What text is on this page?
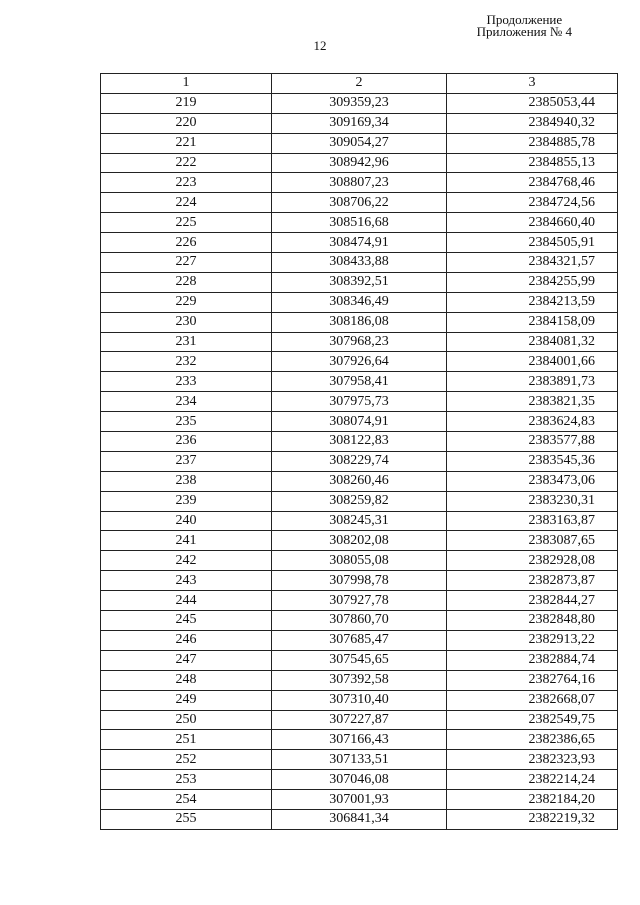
Продолжение
Приложения № 4
12
1	2	3
219	309359,23	2385053,44
220	309169,34	2384940,32
221	309054,27	2384885,78
222	308942,96	2384855,13
223	308807,23	2384768,46
224	308706,22	2384724,56
225	308516,68	2384660,40
226	308474,91	2384505,91
227	308433,88	2384321,57
228	308392,51	2384255,99
229	308346,49	2384213,59
230	308186,08	2384158,09
231	307968,23	2384081,32
232	307926,64	2384001,66
233	307958,41	2383891,73
234	307975,73	2383821,35
235	308074,91	2383624,83
236	308122,83	2383577,88
237	308229,74	2383545,36
238	308260,46	2383473,06
239	308259,82	2383230,31
240	308245,31	2383163,87
241	308202,08	2383087,65
242	308055,08	2382928,08
243	307998,78	2382873,87
244	307927,78	2382844,27
245	307860,70	2382848,80
246	307685,47	2382913,22
247	307545,65	2382884,74
248	307392,58	2382764,16
249	307310,40	2382668,07
250	307227,87	2382549,75
251	307166,43	2382386,65
252	307133,51	2382323,93
253	307046,08	2382214,24
254	307001,93	2382184,20
255	306841,34	2382219,32
